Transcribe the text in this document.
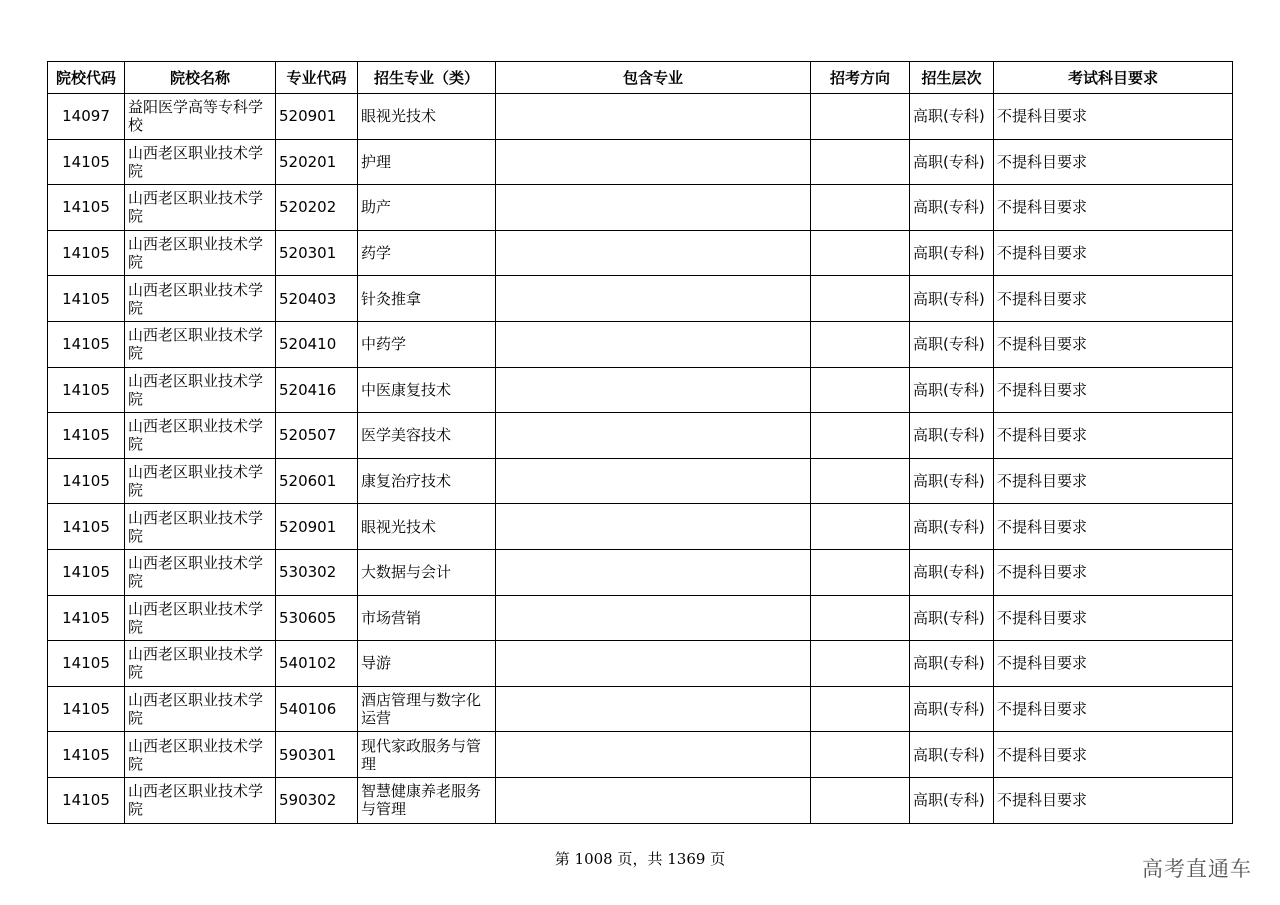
院校代码	院校名称	专业代码	招生专业（类）	包含专业	招考方向	招生层次	考试科目要求
14097	益阳医学高等专科学校	520901	眼视光技术			高职(专科)	不提科目要求
14105	山西老区职业技术学院	520201	护理			高职(专科)	不提科目要求
14105	山西老区职业技术学院	520202	助产			高职(专科)	不提科目要求
14105	山西老区职业技术学院	520301	药学			高职(专科)	不提科目要求
14105	山西老区职业技术学院	520403	针灸推拿			高职(专科)	不提科目要求
14105	山西老区职业技术学院	520410	中药学			高职(专科)	不提科目要求
14105	山西老区职业技术学院	520416	中医康复技术			高职(专科)	不提科目要求
14105	山西老区职业技术学院	520507	医学美容技术			高职(专科)	不提科目要求
14105	山西老区职业技术学院	520601	康复治疗技术			高职(专科)	不提科目要求
14105	山西老区职业技术学院	520901	眼视光技术			高职(专科)	不提科目要求
14105	山西老区职业技术学院	530302	大数据与会计			高职(专科)	不提科目要求
14105	山西老区职业技术学院	530605	市场营销			高职(专科)	不提科目要求
14105	山西老区职业技术学院	540102	导游			高职(专科)	不提科目要求
14105	山西老区职业技术学院	540106	酒店管理与数字化运营			高职(专科)	不提科目要求
14105	山西老区职业技术学院	590301	现代家政服务与管理			高职(专科)	不提科目要求
14105	山西老区职业技术学院	590302	智慧健康养老服务与管理			高职(专科)	不提科目要求
第 1008 页，共 1369 页	高考直通车
